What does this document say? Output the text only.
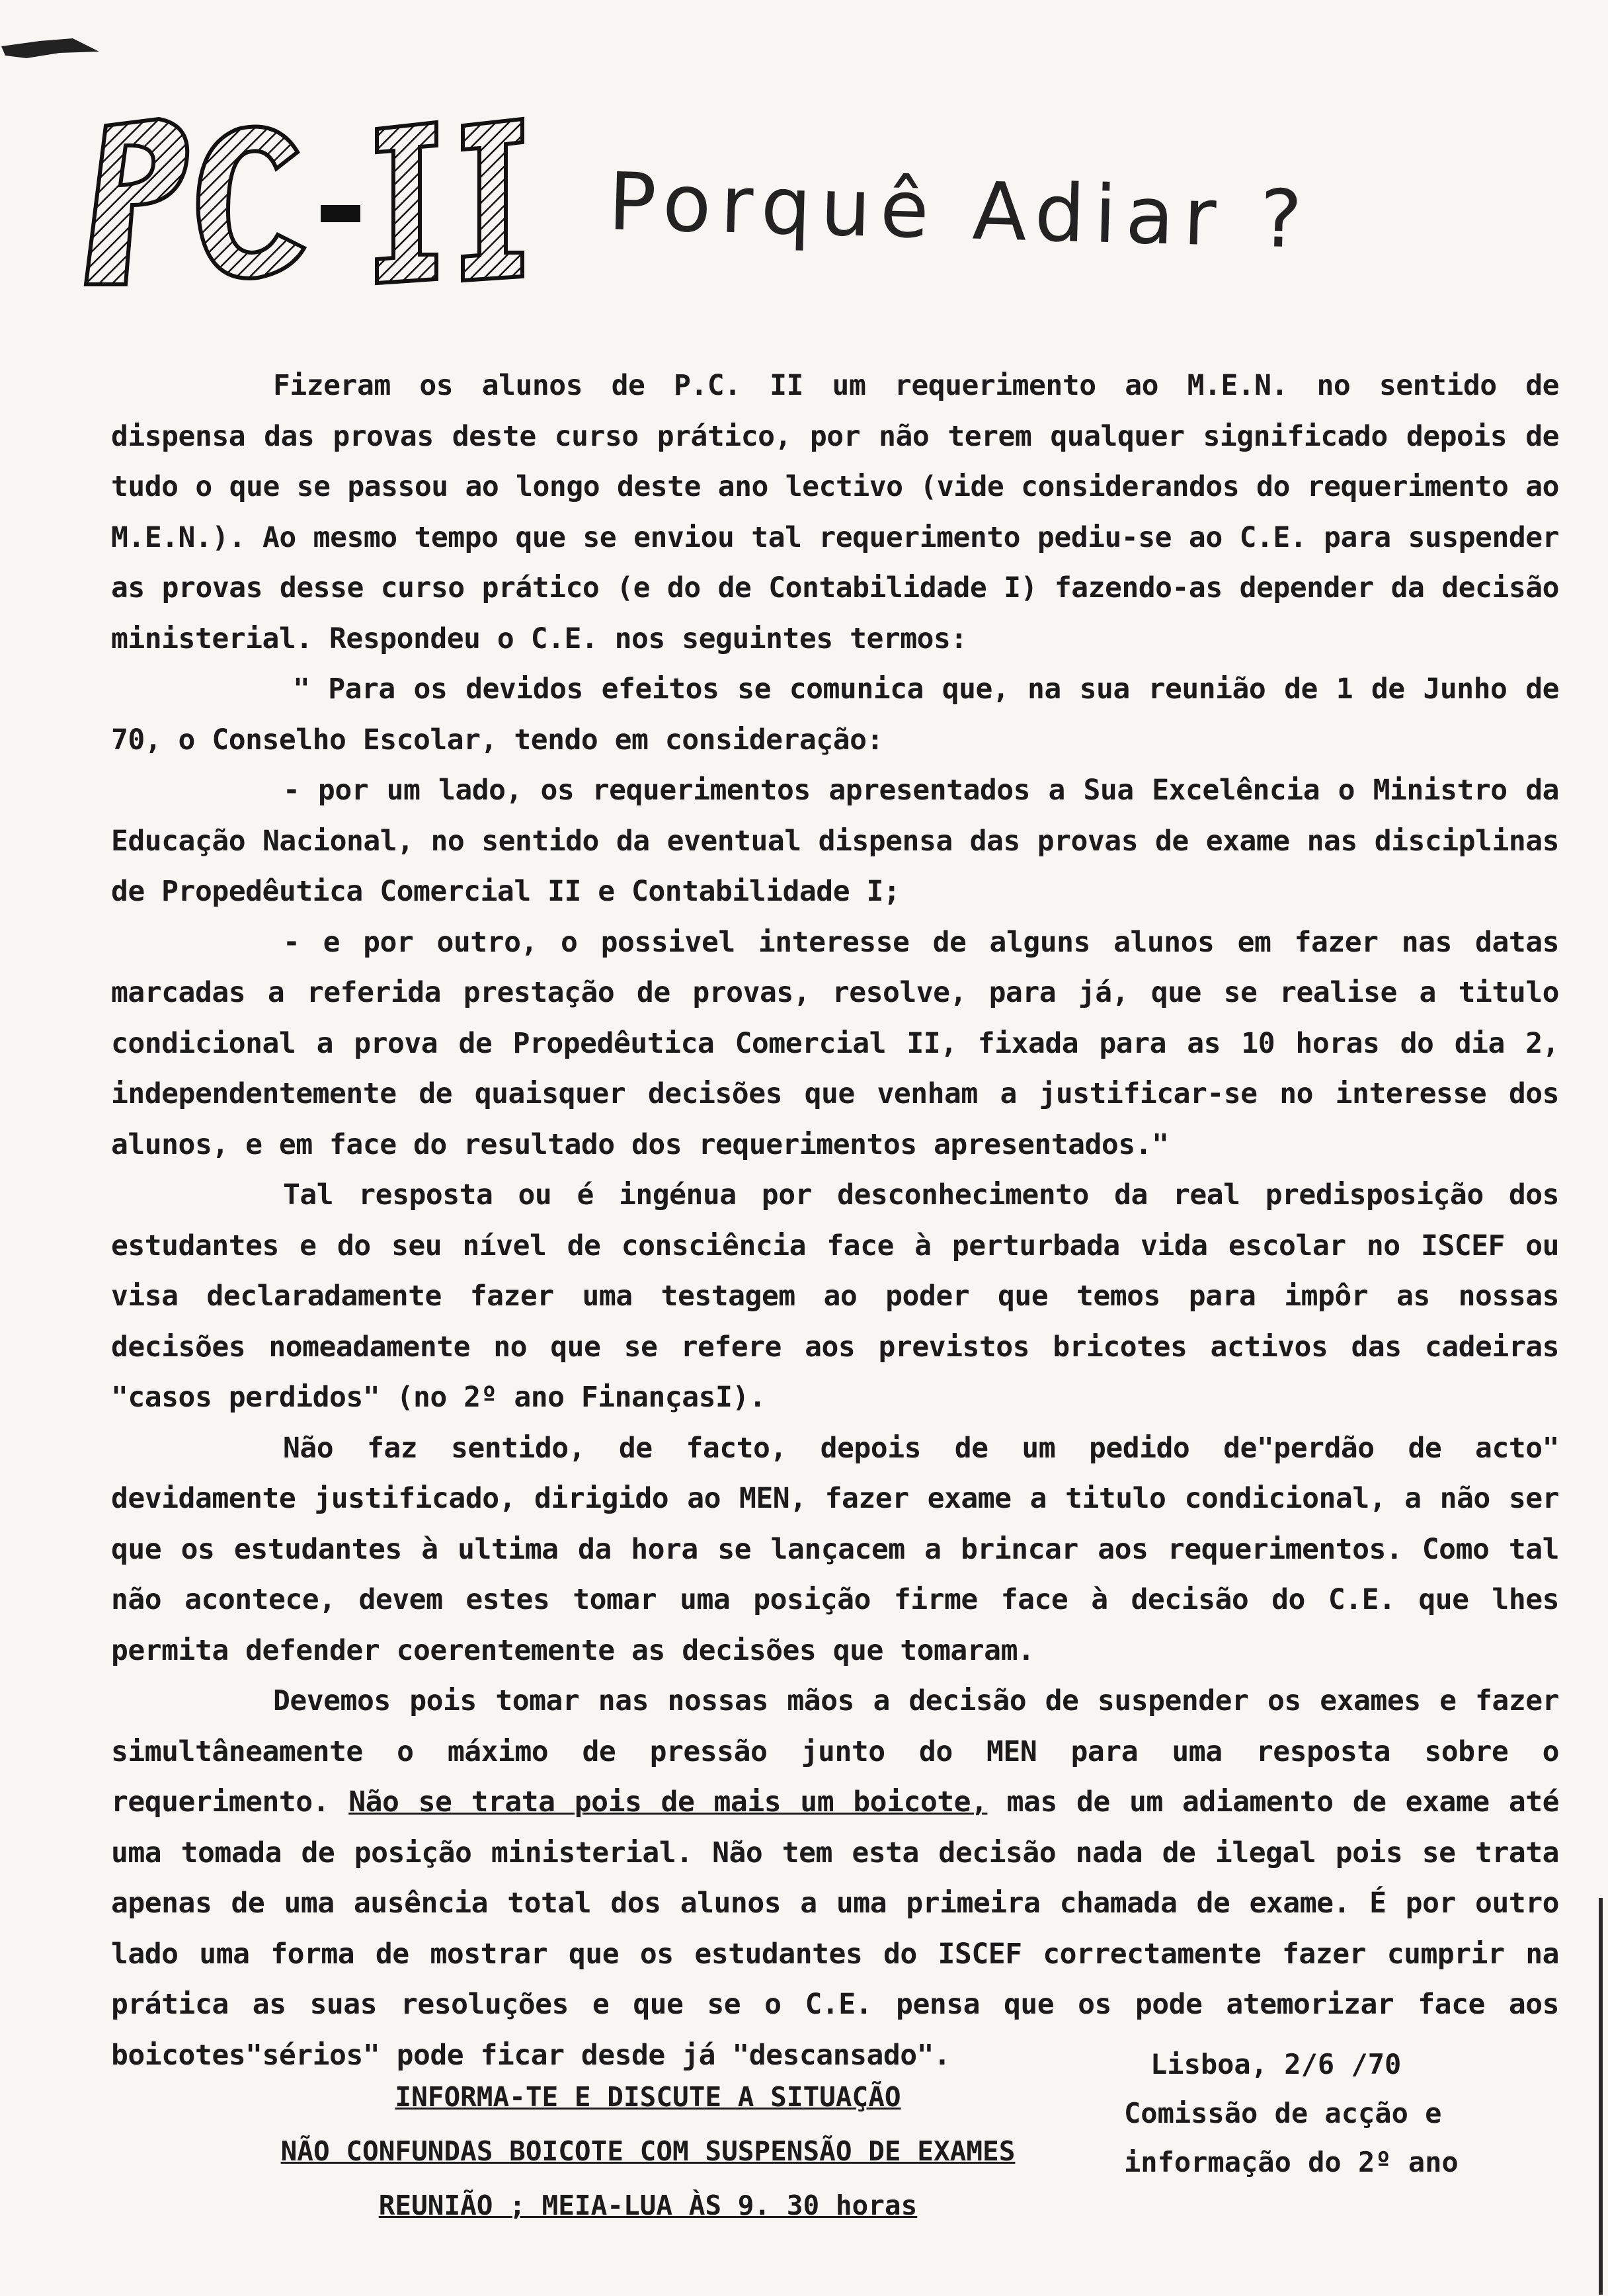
Porquê Adiar ?

Fizeram os alunos de P.C. II um requerimento ao M.E.N. no sentido de dispensa das provas deste curso prático, por não terem qualquer significado depois de tudo o que se passou ao longo deste ano lectivo (vide considerandos do requerimento ao M.E.N.). Ao mesmo tempo que se enviou tal requerimento pediu-se ao C.E. para suspender as provas desse curso prático (e do de Contabilidade I) fazendo-as depender da decisão ministerial. Respondeu o C.E. nos seguintes termos:

" Para os devidos efeitos se comunica que, na sua reunião de 1 de Junho de 70, o Conselho Escolar, tendo em consideração:

- por um lado, os requerimentos apresentados a Sua Excelência o Ministro da Educação Nacional, no sentido da eventual dispensa das provas de exame nas disciplinas de Propedêutica Comercial II e Contabilidade I;

- e por outro, o possivel interesse de alguns alunos em fazer nas datas marcadas a referida prestação de provas, resolve, para já, que se realise a titulo condicional a prova de Propedêutica Comercial II, fixada para as 10 horas do dia 2, independentemente de quaisquer decisões que venham a justificar-se no interesse dos alunos, e em face do resultado dos requerimentos apresentados."

Tal resposta ou é ingénua por desconhecimento da real predisposição dos estudantes e do seu nível de consciência face à perturbada vida escolar no ISCEF ou visa declaradamente fazer uma testagem ao poder que temos para impôr as nossas decisões nomeadamente no que se refere aos previstos bricotes activos das cadeiras "casos perdidos" (no 2º ano FinançasI).

Não faz sentido, de facto, depois de um pedido de"perdão de acto" devidamente justificado, dirigido ao MEN, fazer exame a titulo condicional, a não ser que os estudantes à ultima da hora se lançacem a brincar aos requerimentos. Como tal não acontece, devem estes tomar uma posição firme face à decisão do C.E. que lhes permita defender coerentemente as decisões que tomaram.

Devemos pois tomar nas nossas mãos a decisão de suspender os exames e fazer simultâneamente o máximo de pressão junto do MEN para uma resposta sobre o requerimento. Não se trata pois de mais um boicote, mas de um adiamento de exame até uma tomada de posição ministerial. Não tem esta decisão nada de ilegal pois se trata apenas de uma ausência total dos alunos a uma primeira chamada de exame. É por outro lado uma forma de mostrar que os estudantes do ISCEF correctamente fazer cumprir na prática as suas resoluções e que se o C.E. pensa que os pode atemorizar face aos boicotes"sérios" pode ficar desde já "descansado".

INFORMA-TE E DISCUTE A SITUAÇÃO
NÃO CONFUNDAS BOICOTE COM SUSPENSÃO DE EXAMES
REUNIÃO ; MEIA-LUA ÀS 9. 30 horas
Lisboa, 2/6 /70
Comissão de acção e
informação do 2º ano
